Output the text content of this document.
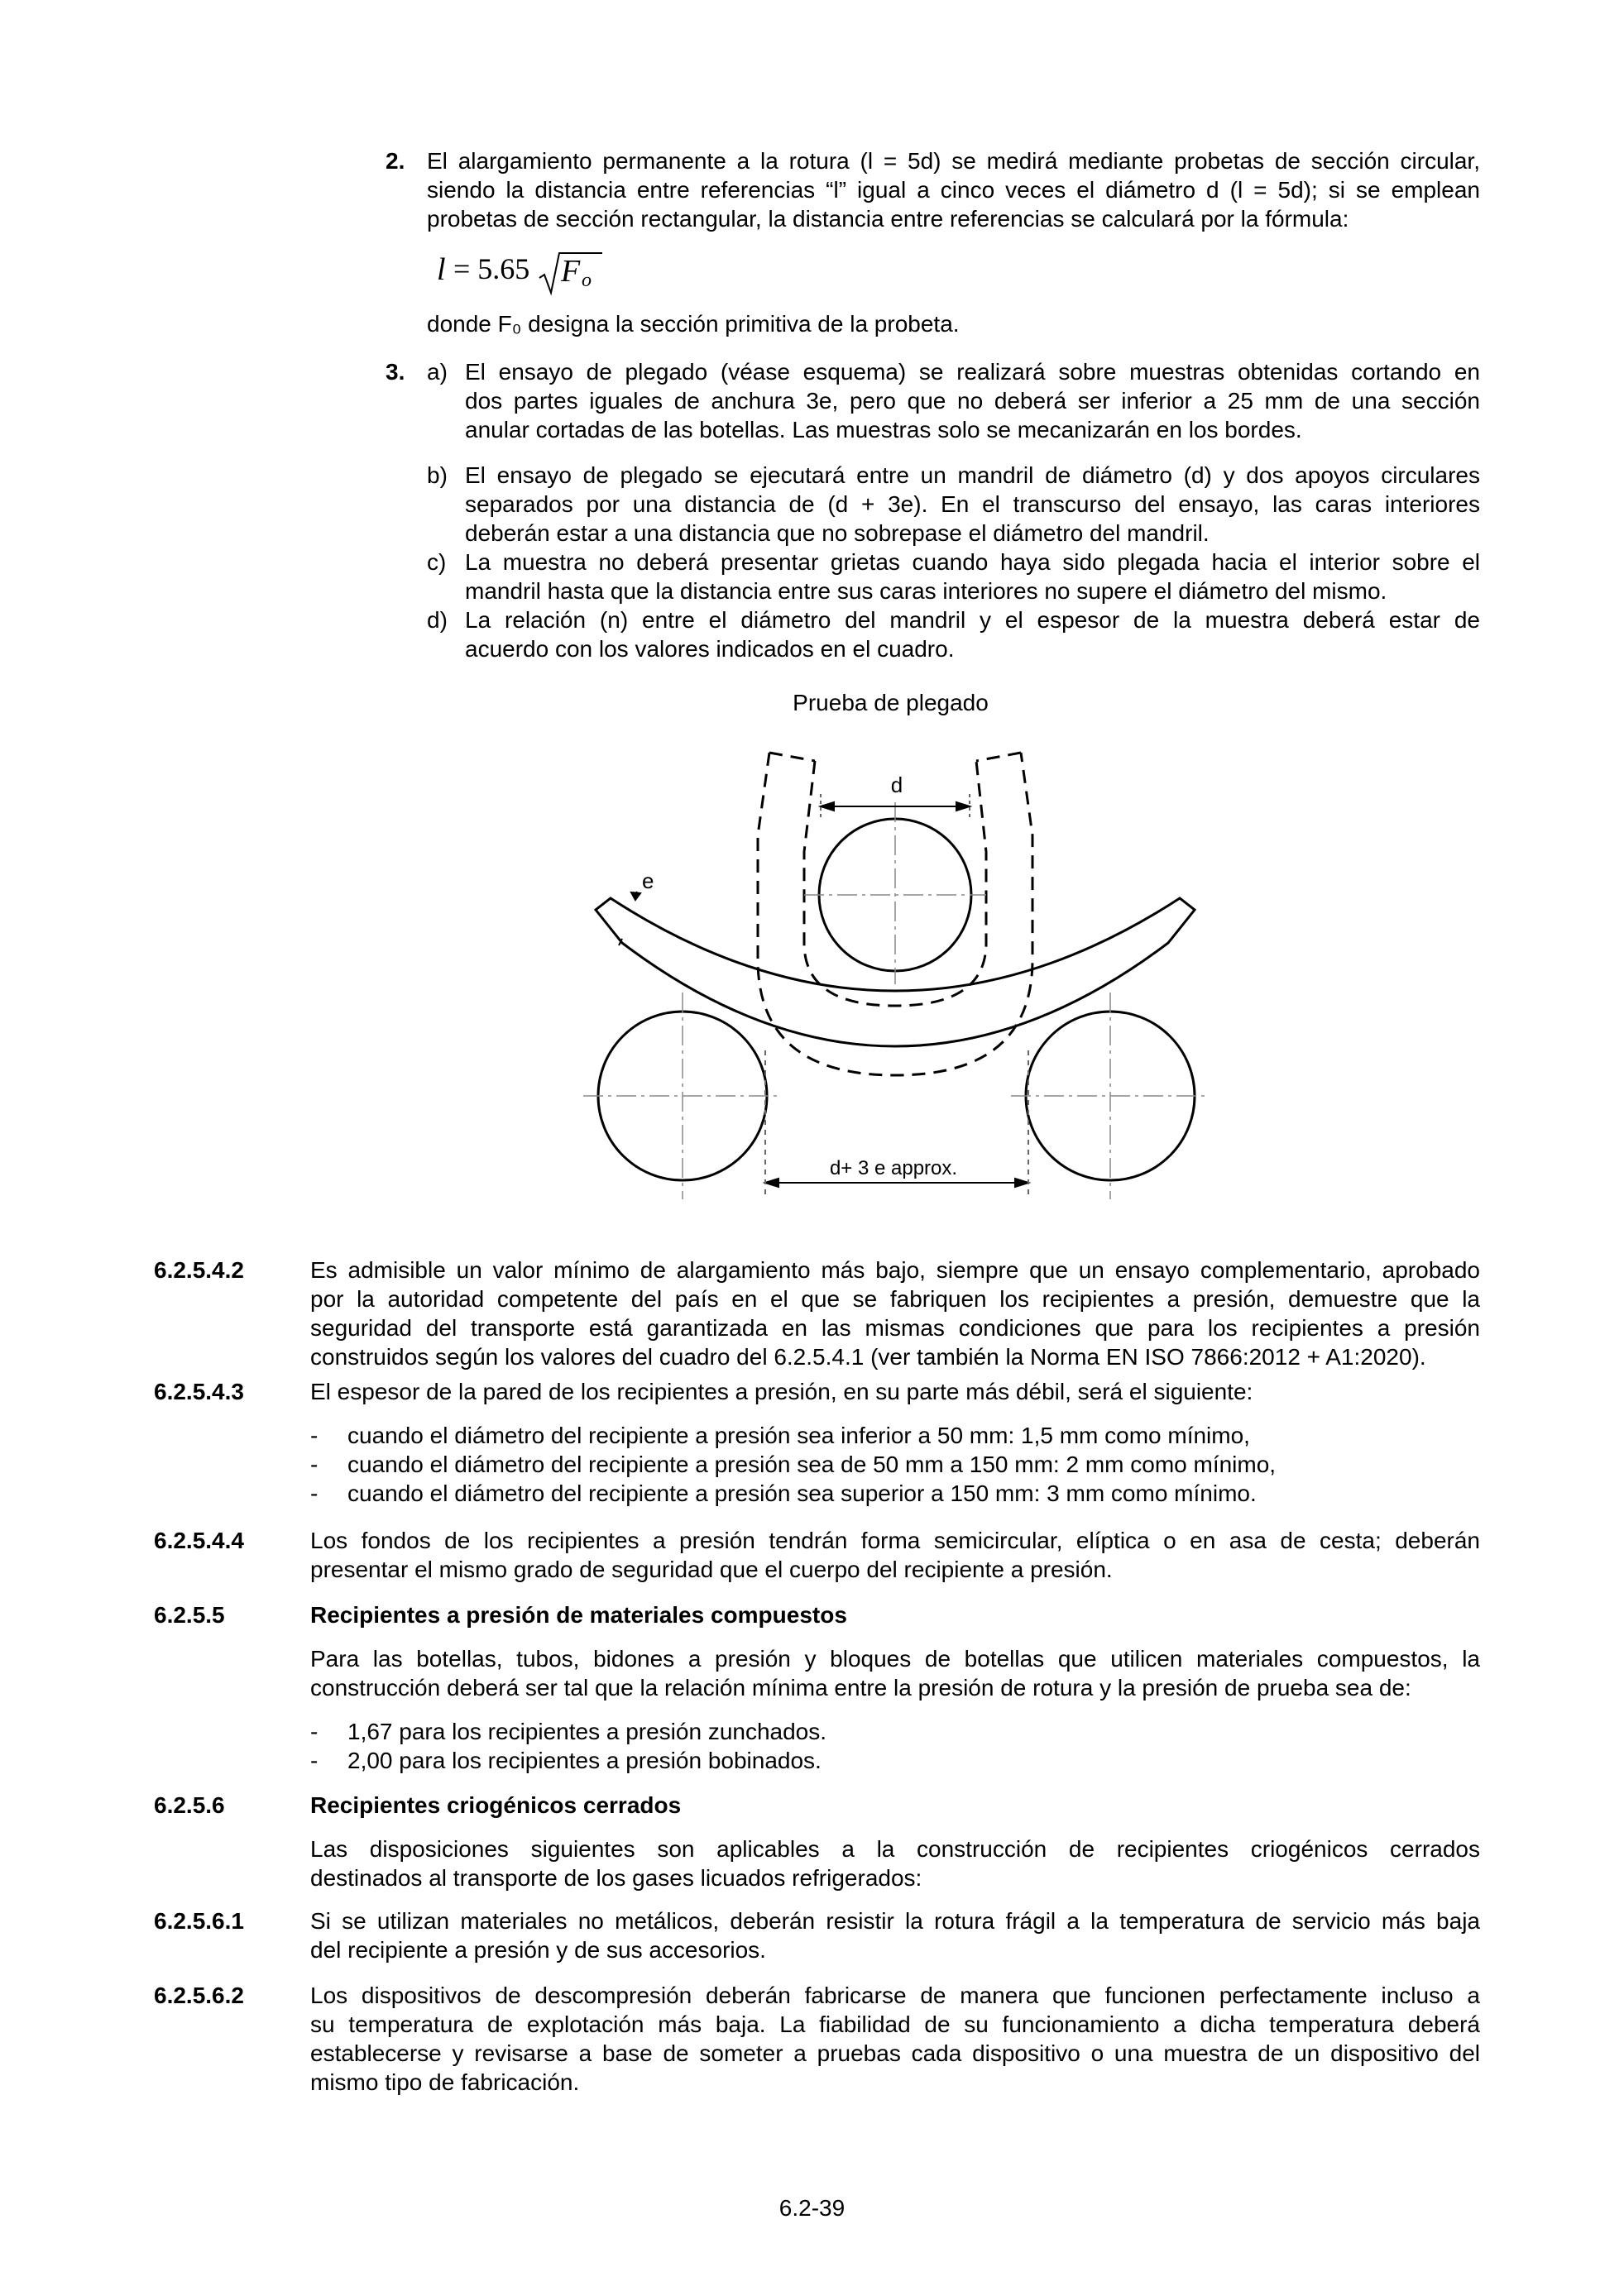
2. El alargamiento permanente a la rotura (l = 5d) se medirá mediante probetas de sección circular,
siendo la distancia entre referencias “l” igual a cinco veces el diámetro d (l = 5d); si se emplean
probetas de sección rectangular, la distancia entre referencias se calculará por la fórmula:
l = 5.65 F o
donde F₀ designa la sección primitiva de la probeta.
3. a) El ensayo de plegado (véase esquema) se realizará sobre muestras obtenidas cortando en
dos partes iguales de anchura 3e, pero que no deberá ser inferior a 25 mm de una sección
anular cortadas de las botellas. Las muestras solo se mecanizarán en los bordes.
b) El ensayo de plegado se ejecutará entre un mandril de diámetro (d) y dos apoyos circulares
separados por una distancia de (d + 3e). En el transcurso del ensayo, las caras interiores
deberán estar a una distancia que no sobrepase el diámetro del mandril.
c) La muestra no deberá presentar grietas cuando haya sido plegada hacia el interior sobre el
mandril hasta que la distancia entre sus caras interiores no supere el diámetro del mismo.
d) La relación (n) entre el diámetro del mandril y el espesor de la muestra deberá estar de
acuerdo con los valores indicados en el cuadro.
Prueba de plegado
d
e
d+ 3 e approx.
6.2.5.4.2	Es admisible un valor mínimo de alargamiento más bajo, siempre que un ensayo complementario, aprobado
por la autoridad competente del país en el que se fabriquen los recipientes a presión, demuestre que la
seguridad del transporte está garantizada en las mismas condiciones que para los recipientes a presión
construidos según los valores del cuadro del 6.2.5.4.1 (ver también la Norma EN ISO 7866:2012 + A1:2020).
6.2.5.4.3	El espesor de la pared de los recipientes a presión, en su parte más débil, será el siguiente:
- cuando el diámetro del recipiente a presión sea inferior a 50 mm: 1,5 mm como mínimo,
- cuando el diámetro del recipiente a presión sea de 50 mm a 150 mm: 2 mm como mínimo,
- cuando el diámetro del recipiente a presión sea superior a 150 mm: 3 mm como mínimo.
6.2.5.4.4	Los fondos de los recipientes a presión tendrán forma semicircular, elíptica o en asa de cesta; deberán
presentar el mismo grado de seguridad que el cuerpo del recipiente a presión.
6.2.5.5	Recipientes a presión de materiales compuestos
Para las botellas, tubos, bidones a presión y bloques de botellas que utilicen materiales compuestos, la
construcción deberá ser tal que la relación mínima entre la presión de rotura y la presión de prueba sea de:
- 1,67 para los recipientes a presión zunchados.
- 2,00 para los recipientes a presión bobinados.
6.2.5.6	Recipientes criogénicos cerrados
Las disposiciones siguientes son aplicables a la construcción de recipientes criogénicos cerrados
destinados al transporte de los gases licuados refrigerados:
6.2.5.6.1	Si se utilizan materiales no metálicos, deberán resistir la rotura frágil a la temperatura de servicio más baja
del recipiente a presión y de sus accesorios.
6.2.5.6.2	Los dispositivos de descompresión deberán fabricarse de manera que funcionen perfectamente incluso a
su temperatura de explotación más baja. La fiabilidad de su funcionamiento a dicha temperatura deberá
establecerse y revisarse a base de someter a pruebas cada dispositivo o una muestra de un dispositivo del
mismo tipo de fabricación.
6.2-39
